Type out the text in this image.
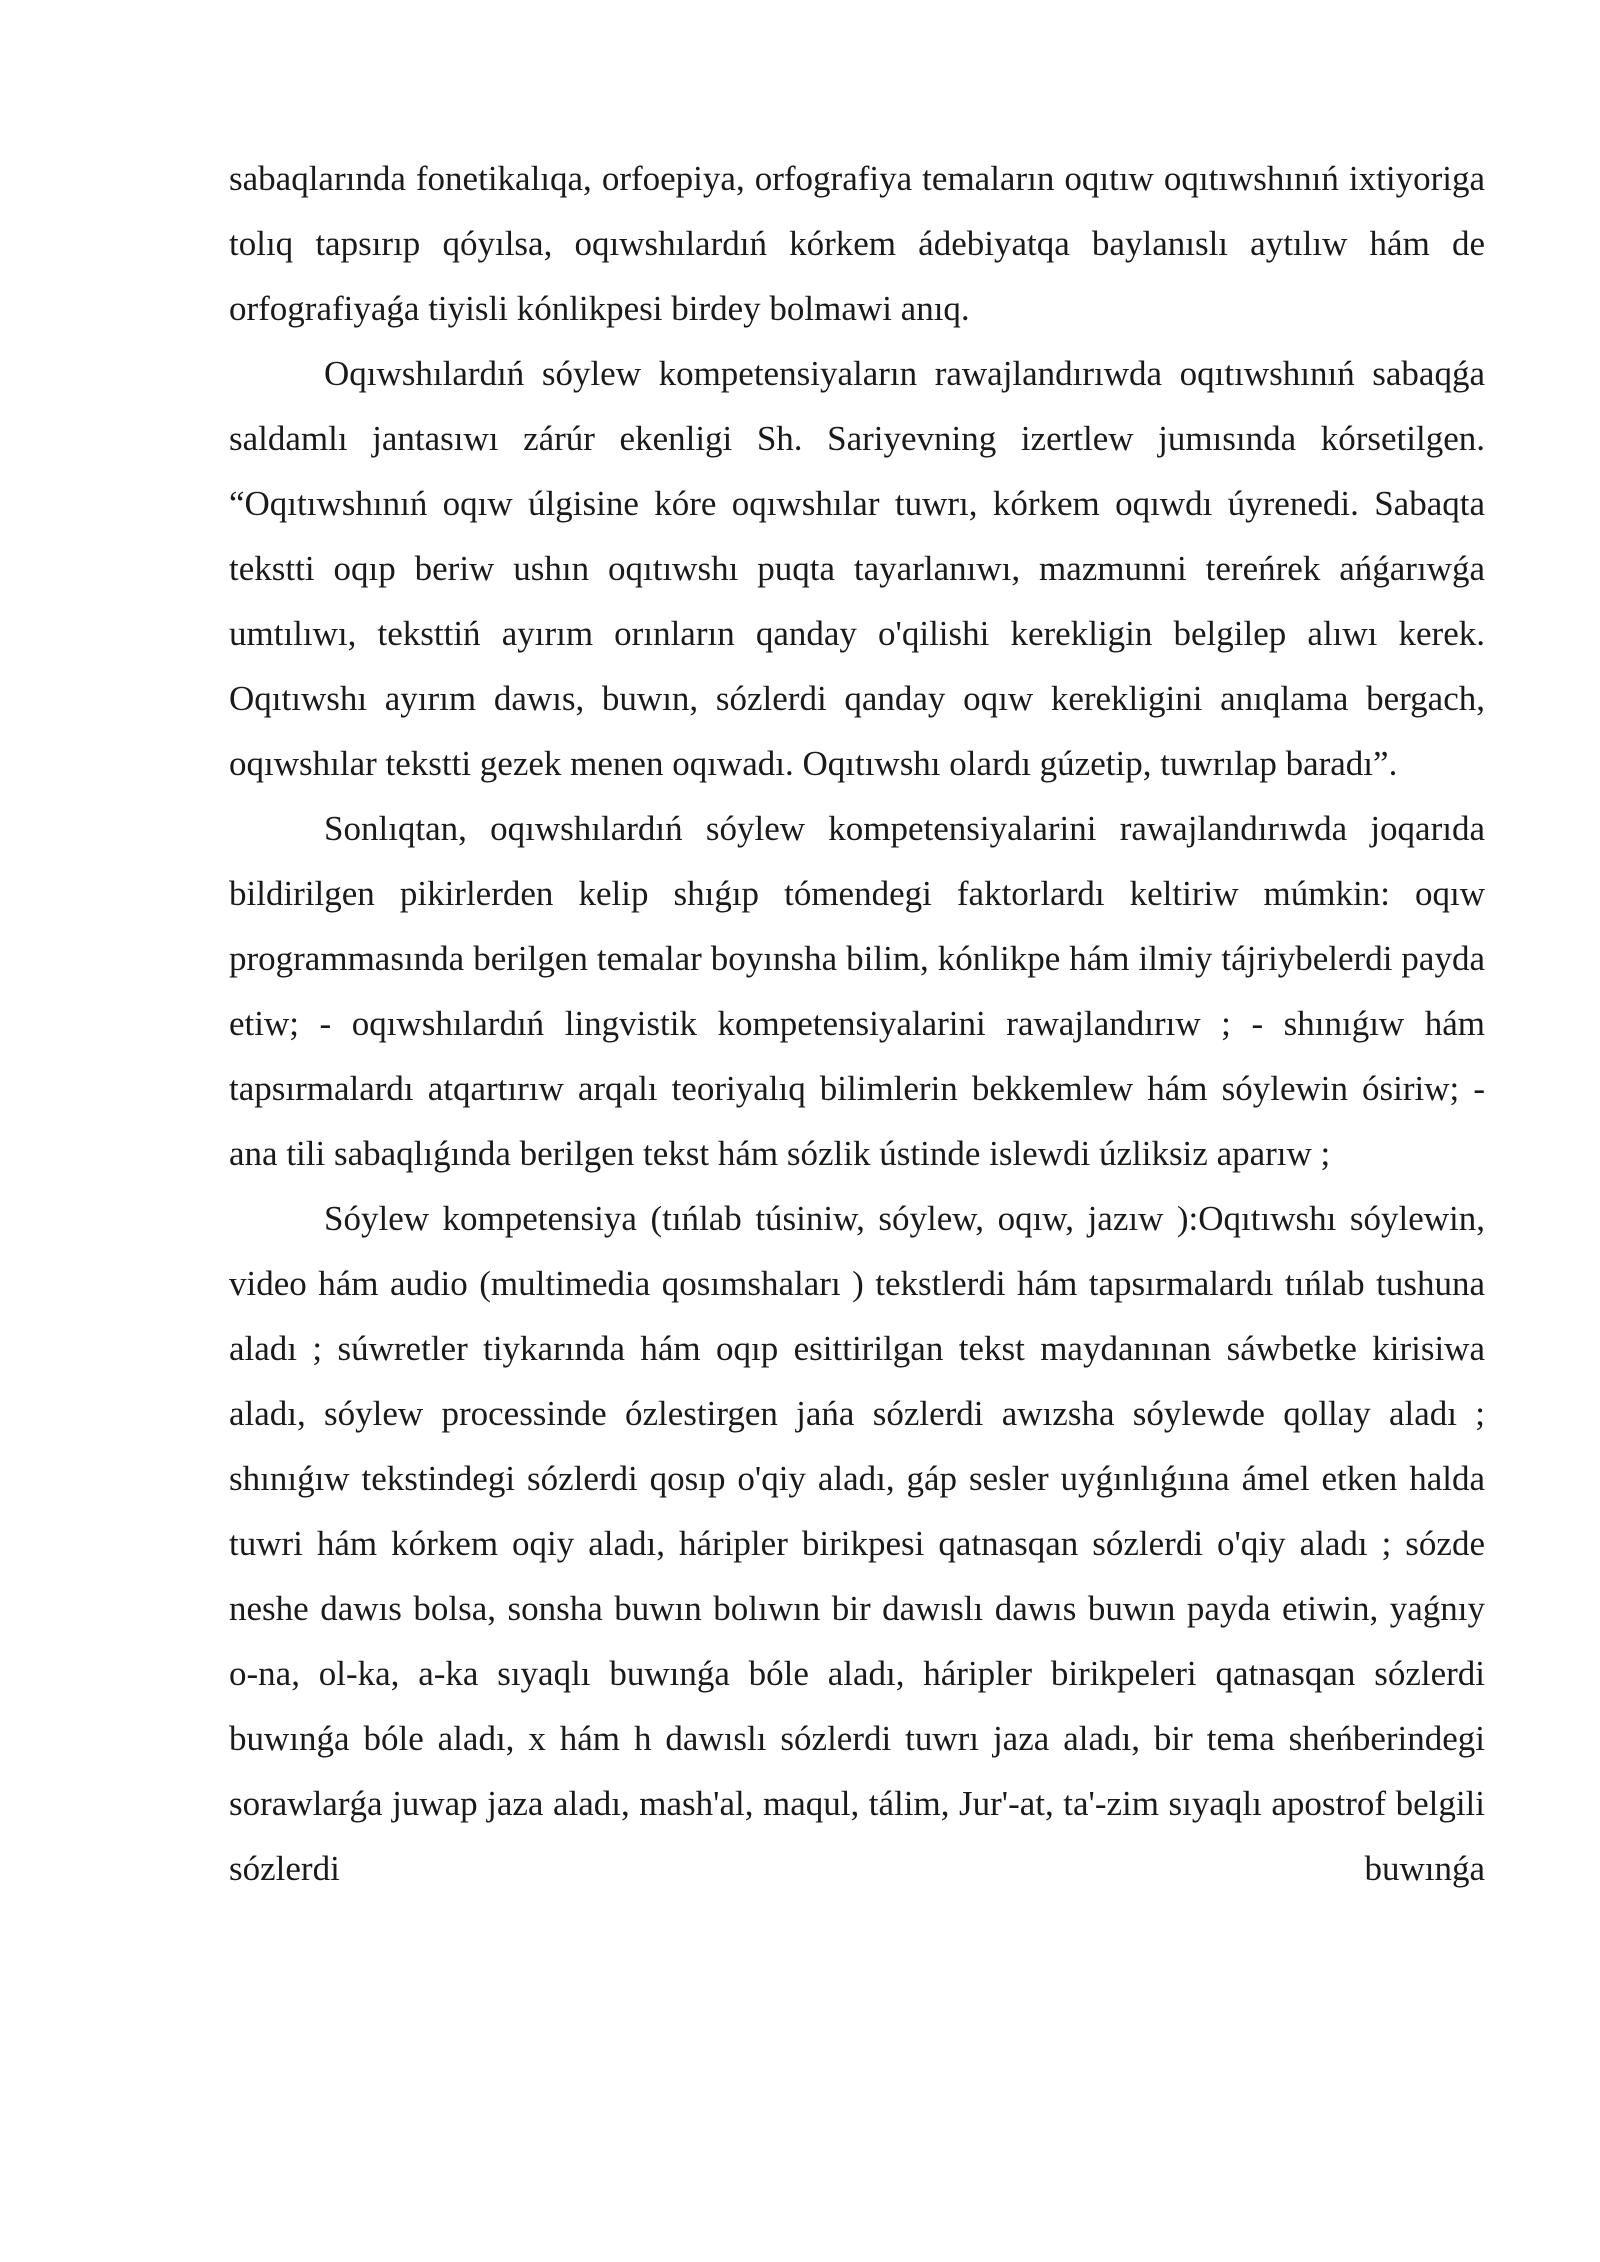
sabaqlarında fonetikalıqa, orfoepiya, orfografiya temaların oqıtıw oqıtıwshınıń ixtiyoriga tolıq tapsırıp qóyılsa, oqıwshılardıń kórkem ádebiyatqa baylanıslı aytılıw hám de orfografiyaǵa tiyisli kónlikpesi birdey bolmawi anıq.

Oqıwshılardıń sóylew kompetensiyaların rawajlandırıwda oqıtıwshınıń sabaqǵa saldamlı jantasıwı zárúr ekenligi Sh. Sariyevning izertlew jumısında kórsetilgen. “Oqıtıwshınıń oqıw úlgisine kóre oqıwshılar tuwrı, kórkem oqıwdı úyrenedi. Sabaqta tekstti oqıp beriw ushın oqıtıwshı puqta tayarlanıwı, mazmunni tereńrek ańǵarıwǵa umtılıwı, teksttiń ayırım orınların qanday o'qilishi kerekligin belgilep alıwı kerek. Oqıtıwshı ayırım dawıs, buwın, sózlerdi qanday oqıw kerekligini anıqlama bergach, oqıwshılar tekstti gezek menen oqıwadı. Oqıtıwshı olardı gúzetip, tuwrılap baradı”.

Sonlıqtan, oqıwshılardıń sóylew kompetensiyalarini rawajlandırıwda joqarıda bildirilgen pikirlerden kelip shıǵıp tómendegi faktorlardı keltiriw múmkin: oqıw programmasında berilgen temalar boyınsha bilim, kónlikpe hám ilmiy tájriybelerdi payda etiw; - oqıwshılardıń lingvistik kompetensiyalarini rawajlandırıw ; - shınıǵıw hám tapsırmalardı atqartırıw arqalı teoriyalıq bilimlerin bekkemlew hám sóylewin ósiriw; - ana tili sabaqlıǵında berilgen tekst hám sózlik ústinde islewdi úzliksiz aparıw ;

Sóylew kompetensiya (tıńlab túsiniw, sóylew, oqıw, jazıw ):Oqıtıwshı sóylewin, video hám audio (multimedia qosımshaları ) tekstlerdi hám tapsırmalardı tıńlab tushuna aladı ; súwretler tiykarında hám oqıp esittirilgan tekst maydanınan sáwbetke kirisiwa aladı, sóylew processinde ózlestirgen jańa sózlerdi awızsha sóylewde qollay aladı ; shınıǵıw tekstindegi sózlerdi qosıp o'qiy aladı, gáp sesler uyǵınlıǵıına ámel etken halda tuwri hám kórkem oqiy aladı, háripler birikpesi qatnasqan sózlerdi o'qiy aladı ; sózde neshe dawıs bolsa, sonsha buwın bolıwın bir dawıslı dawıs buwın payda etiwin, yaǵnıy o-na, ol-ka, a-ka sıyaqlı buwınǵa bóle aladı, háripler birikpeleri qatnasqan sózlerdi buwınǵa bóle aladı, x hám h dawıslı sózlerdi tuwrı jaza aladı, bir tema sheńberindegi sorawlarǵa juwap jaza aladı, mash'al, maqul, tálim, Jur'-at, ta'-zim sıyaqlı apostrof belgili sózlerdi buwınǵa
